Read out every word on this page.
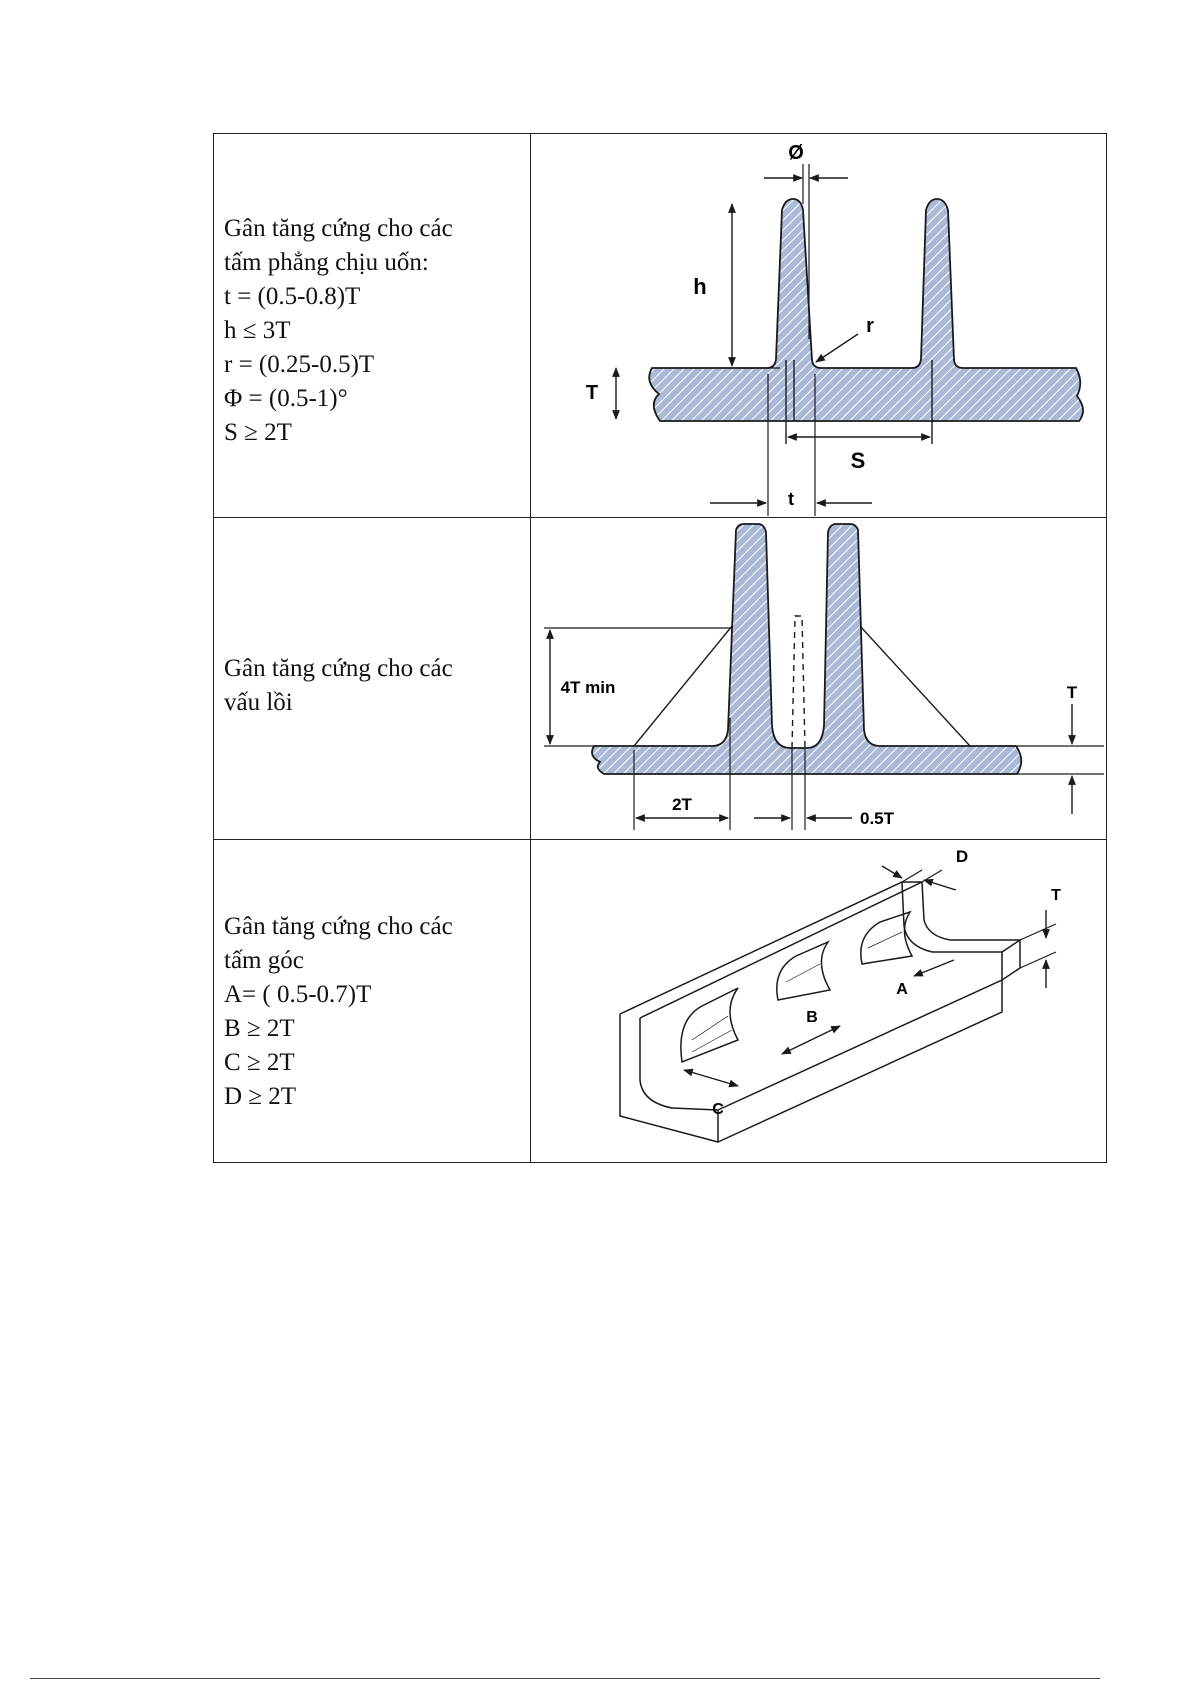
Gân tăng cứng cho các
tấm phẳng chịu uốn:
t = (0.5-0.8)T
h ≤ 3T
r = (0.25-0.5)T
Φ = (0.5-1)°
S ≥ 2T
Ø
h
r
T
S
t
Gân tăng cứng cho các
vấu lồi
4T min	T
2T
0.5T
Gân tăng cứng cho các
tấm góc
A= ( 0.5-0.7)T
B ≥ 2T
C ≥ 2T
D ≥ 2T
D
T
A
B
C
